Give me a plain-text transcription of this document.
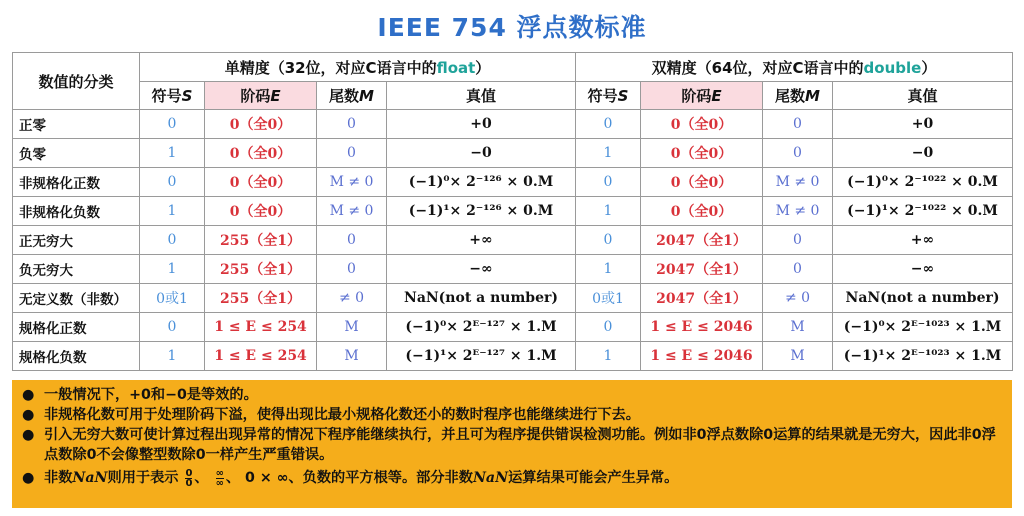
IEEE 754 浮点数标准
数值的分类	单精度（32位，对应C语言中的float）				双精度（64位，对应C语言中的double）			
	符号S	阶码E	尾数M	真值	符号S	阶码E	尾数M	真值
正零	0	0（全0）	0	+0	0	0（全0）	0	+0
负零	1	0（全0）	0	−0	1	0（全0）	0	−0
非规格化正数	0	0（全0）	M ≠ 0	(−1)⁰× 2⁻¹²⁶ × 0.M	0	0（全0）	M ≠ 0	(−1)⁰× 2⁻¹⁰²² × 0.M
非规格化负数	1	0（全0）	M ≠ 0	(−1)¹× 2⁻¹²⁶ × 0.M	1	0（全0）	M ≠ 0	(−1)¹× 2⁻¹⁰²² × 0.M
正无穷大	0	255（全1）	0	+∞	0	2047（全1）	0	+∞
负无穷大	1	255（全1）	0	−∞	1	2047（全1）	0	−∞
无定义数（非数）	0或1	255（全1）	≠ 0	NaN(not a number)	0或1	2047（全1）	≠ 0	NaN(not a number)
规格化正数	0	1 ≤ E ≤ 254	M	(−1)⁰× 2ᴱ⁻¹²⁷ × 1.M	0	1 ≤ E ≤ 2046	M	(−1)⁰× 2ᴱ⁻¹⁰²³ × 1.M
规格化负数	1	1 ≤ E ≤ 254	M	(−1)¹× 2ᴱ⁻¹²⁷ × 1.M	1	1 ≤ E ≤ 2046	M	(−1)¹× 2ᴱ⁻¹⁰²³ × 1.M
● 一般情况下，+0和−0是等效的。
● 非规格化数可用于处理阶码下溢，使得出现比最小规格化数还小的数时程序也能继续进行下去。
● 引入无穷大数可使计算过程出现异常的情况下程序能继续执行，并且可为程序提供错误检测功能。例如非0浮点数除0运算的结果就是无穷大，因此非0浮点数除0不会像整型数除0一样产生严重错误。
● 非数NaN则用于表示 $\frac{0}{0}$ 、 $\frac{\infty}{\infty}$ 、 0 × ∞、负数的平方根等。部分非数NaN运算结果可能会产生异常。
